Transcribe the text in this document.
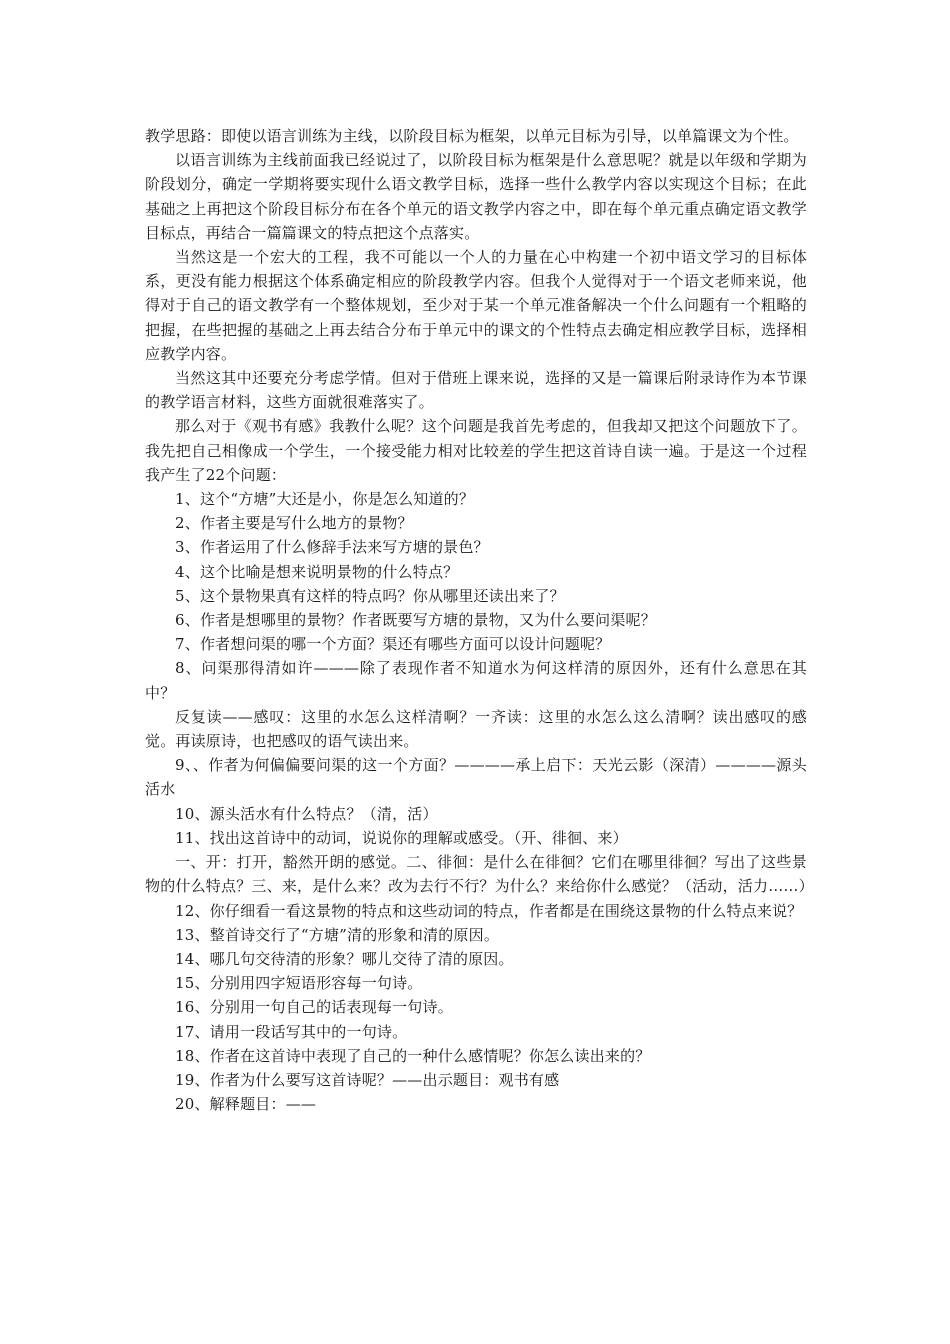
教学思路：即使以语言训练为主线，以阶段目标为框架，以单元目标为引导，以单篇课文为个性。

以语言训练为主线前面我已经说过了，以阶段目标为框架是什么意思呢？就是以年级和学期为阶段划分，确定一学期将要实现什么语文教学目标，选择一些什么教学内容以实现这个目标；在此基础之上再把这个阶段目标分布在各个单元的语文教学内容之中，即在每个单元重点确定语文教学目标点，再结合一篇篇课文的特点把这个点落实。

当然这是一个宏大的工程，我不可能以一个人的力量在心中构建一个初中语文学习的目标体系，更没有能力根据这个体系确定相应的阶段教学内容。但我个人觉得对于一个语文老师来说，他得对于自己的语文教学有一个整体规划，至少对于某一个单元准备解决一个什么问题有一个粗略的把握，在些把握的基础之上再去结合分布于单元中的课文的个性特点去确定相应教学目标，选择相应教学内容。

当然这其中还要充分考虑学情。但对于借班上课来说，选择的又是一篇课后附录诗作为本节课的教学语言材料，这些方面就很难落实了。

那么对于《观书有感》我教什么呢？这个问题是我首先考虑的，但我却又把这个问题放下了。我先把自己相像成一个学生，一个接受能力相对比较差的学生把这首诗自读一遍。于是这一个过程我产生了22个问题：

1、这个“方塘”大还是小，你是怎么知道的？

2、作者主要是写什么地方的景物？

3、作者运用了什么修辞手法来写方塘的景色？

4、这个比喻是想来说明景物的什么特点？

5、这个景物果真有这样的特点吗？你从哪里还读出来了？

6、作者是想哪里的景物？作者既要写方塘的景物，又为什么要问渠呢？

7、作者想问渠的哪一个方面？渠还有哪些方面可以设计问题呢？

8、问渠那得清如许———除了表现作者不知道水为何这样清的原因外，还有什么意思在其中？

反复读——感叹：这里的水怎么这样清啊？一齐读：这里的水怎么这么清啊？读出感叹的感觉。再读原诗，也把感叹的语气读出来。

9、、作者为何偏偏要问渠的这一个方面？————承上启下：天光云影（深清）————源头活水

10、源头活水有什么特点？（清，活）

11、找出这首诗中的动词，说说你的理解或感受。（开、徘徊、来）

一、开：打开，豁然开朗的感觉。二、徘徊：是什么在徘徊？它们在哪里徘徊？写出了这些景物的什么特点？三、来，是什么来？改为去行不行？为什么？来给你什么感觉？（活动，活力……）

12、你仔细看一看这景物的特点和这些动词的特点，作者都是在围绕这景物的什么特点来说？

13、整首诗交行了“方塘”清的形象和清的原因。

14、哪几句交待清的形象？哪儿交待了清的原因。

15、分别用四字短语形容每一句诗。

16、分别用一句自己的话表现每一句诗。

17、请用一段话写其中的一句诗。

18、作者在这首诗中表现了自己的一种什么感情呢？你怎么读出来的？

19、作者为什么要写这首诗呢？——出示题目：观书有感

20、解释题目：——
